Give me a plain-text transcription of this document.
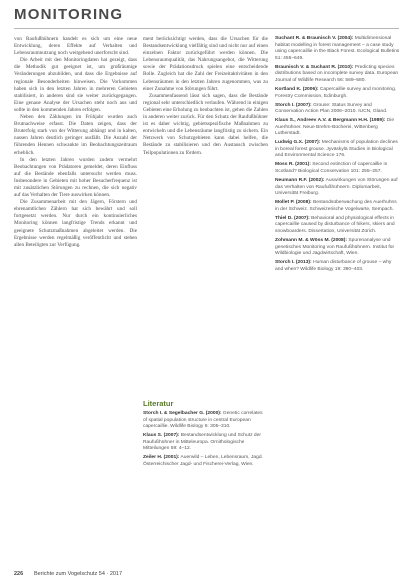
MONITORING

von Raufußhühnern handelt es sich um eine neue Entwicklung, deren Effekte auf Verhalten und Lebensraumnutzung noch weitgehend unerforscht sind.

Die Arbeit mit den Monitoringdaten hat gezeigt, dass die Methodik gut geeignet ist, um großräumige Veränderungen abzubilden, und dass die Ergebnisse auf regionale Besonderheiten hinweisen. Die Vorkommen haben sich in den letzten Jahren in mehreren Gebieten stabilisiert, in anderen sind sie weiter zurückgegangen. Eine genaue Analyse der Ursachen steht noch aus und sollte in den kommenden Jahren erfolgen.

Neben den Zählungen im Frühjahr wurden auch Brutnachweise erfasst. Die Daten zeigen, dass der Bruterfolg stark von der Witterung abhängt und in kalten, nassen Jahren deutlich geringer ausfällt. Die Anzahl der führenden Hennen schwankte im Beobachtungszeitraum erheblich.

In den letzten Jahren wurden zudem vermehrt Beobachtungen von Prädatoren gemeldet, deren Einfluss auf die Bestände ebenfalls untersucht werden muss. Insbesondere in Gebieten mit hoher Besucherfrequenz ist mit zusätzlichen Störungen zu rechnen, die sich negativ auf das Verhalten der Tiere auswirken können.

Die Zusammenarbeit mit den Jägern, Förstern und ehrenamtlichen Zählern hat sich bewährt und soll fortgesetzt werden. Nur durch ein kontinuierliches Monitoring können langfristige Trends erkannt und geeignete Schutzmaßnahmen abgeleitet werden. Die Ergebnisse werden regelmäßig veröffentlicht und stehen allen Beteiligten zur Verfügung.

ment berücksichtigt werden, dass die Ursachen für die Bestandsentwicklung vielfältig sind und nicht nur auf einen einzelnen Faktor zurückgeführt werden können. Die Lebensraumqualität, das Nahrungsangebot, die Witterung sowie der Prädationsdruck spielen eine entscheidende Rolle. Zugleich hat die Zahl der Freizeitaktivitäten in den Lebensräumen in den letzten Jahren zugenommen, was zu einer Zunahme von Störungen führt.

Zusammenfassend lässt sich sagen, dass die Bestände regional sehr unterschiedlich verlaufen. Während in einigen Gebieten eine Erholung zu beobachten ist, gehen die Zahlen in anderen weiter zurück. Für den Schutz der Raufußhühner ist es daher wichtig, gebietsspezifische Maßnahmen zu entwickeln und die Lebensräume langfristig zu sichern. Ein Netzwerk von Schutzgebieten kann dabei helfen, die Bestände zu stabilisieren und den Austausch zwischen Teilpopulationen zu fördern.

Literatur
Storch I. & Segelbacher G. (2000): Genetic correlates of spatial population structure in central European capercaillie. Wildlife Biology 6: 305–310.
Klaus S. (2007): Bestandsentwicklung und Schutz der Raufußhühner in Mitteleuropa. Ornithologische Mitteilungen 59: 4–12.
Zeiler H. (2001): Auerwild – Leben, Lebensraum, Jagd. Österreichischer Jagd- und Fischerei-Verlag, Wien.
Suchant R. & Braunisch V. (2004): Multidimensional habitat modelling in forest management – a case study using capercaillie in the Black Forest. Ecological Bulletins 51: 455–649.
Braunisch V. & Suchant R. (2010): Predicting species distributions based on incomplete survey data. European Journal of Wildlife Research 56: 569–580.
Kortland K. (2006): Capercaillie survey and monitoring. Forestry Commission, Edinburgh.
Storch I. (2007): Grouse: Status Survey and Conservation Action Plan 2006–2010. IUCN, Gland.
Klaus S., Andreev A.V. & Bergmann H.H. (1989): Die Auerhühner. Neue Brehm-Bücherei, Wittenberg Lutherstadt.
Ludwig G.X. (2007): Mechanisms of population declines in boreal forest grouse. Jyväskylä Studies in Biological and Environmental Science 176.
Moss R. (2001): Second extinction of capercaillie in Scotland? Biological Conservation 101: 255–257.
Neumann R.F. (2002): Auswirkungen von Störungen auf das Verhalten von Raufußhühnern. Diplomarbeit, Universität Freiburg.
Mollet P. (2008): Bestandsüberwachung des Auerhuhns in der Schweiz. Schweizerische Vogelwarte, Sempach.
Thiel D. (2007): Behavioral and physiological effects in capercaillie caused by disturbance of hikers, skiers and snowboarders. Dissertation, Universität Zürich.
Zohmann M. & Wöss M. (2008): Spurenanalyse und genetisches Monitoring von Raufußhühnern. Institut für Wildbiologie und Jagdwirtschaft, Wien.
Storch I. (2013): Human disturbance of grouse – why and when? Wildlife Biology 19: 390–403.
226 Berichte zum Vogelschutz 54 · 2017
